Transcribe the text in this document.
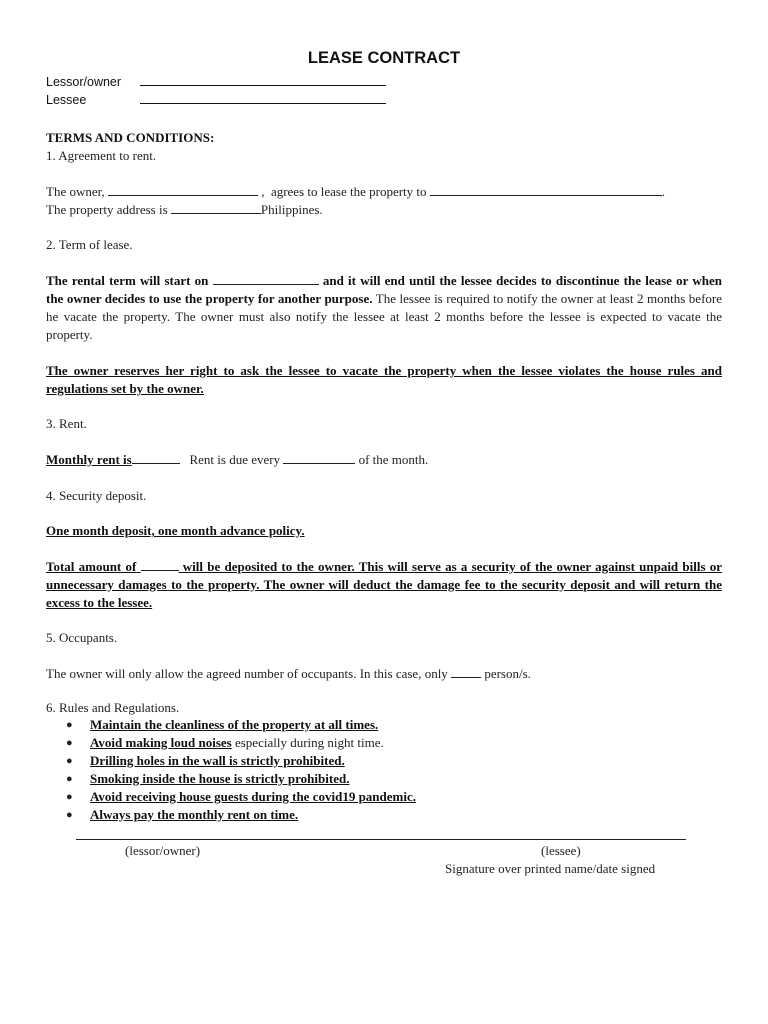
LEASE CONTRACT
Lessor/owner
Lessee
TERMS AND CONDITIONS:
1. Agreement to rent.
The owner,	, agrees to lease the property to	.
The property address is	Philippines.
2. Term of lease.
The rental term will start on	and it will end until the lessee decides to discontinue the lease or when the owner decides to use the property for another purpose. The lessee is required to notify the owner at least 2 months before he vacate the property. The owner must also notify the lessee at least 2 months before the lessee is expected to vacate the property.
The owner reserves her right to ask the lessee to vacate the property when the lessee violates the house rules and regulations set by the owner.
3. Rent.
Monthly rent is	Rent is due every	of the month.
4. Security deposit.
One month deposit, one month advance policy.
Total amount of	will be deposited to the owner. This will serve as a security of the owner against unpaid bills or unnecessary damages to the property. The owner will deduct the damage fee to the security deposit and will return the excess to the lessee.
5. Occupants.
The owner will only allow the agreed number of occupants. In this case, only	person/s.
6. Rules and Regulations.
● Maintain the cleanliness of the property at all times.
● Avoid making loud noises especially during night time.
● Drilling holes in the wall is strictly prohibited.
● Smoking inside the house is strictly prohibited.
● Avoid receiving house guests during the covid19 pandemic.
● Always pay the monthly rent on time.
(lessor/owner)	(lessee)
Signature over printed name/date signed
